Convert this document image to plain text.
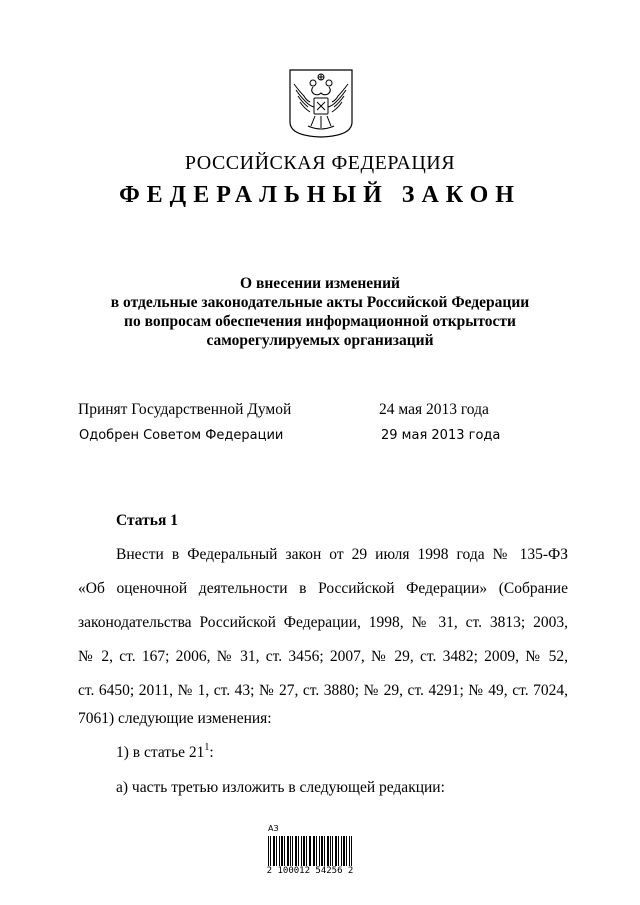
РОССИЙСКАЯ ФЕДЕРАЦИЯ
ФЕДЕРАЛЬНЫЙ ЗАКОН
О внесении изменений
в отдельные законодательные акты Российской Федерации
по вопросам обеспечения информационной открытости
саморегулируемых организаций
Принят Государственной Думой	24 мая 2013 года
Одобрен Советом Федерации	29 мая 2013 года
Статья 1
Внести в Федеральный закон от 29 июля 1998 года № 135-ФЗ
«Об оценочной деятельности в Российской Федерации» (Собрание
законодательства Российской Федерации, 1998, № 31, ст. 3813; 2003,
№ 2, ст. 167; 2006, № 31, ст. 3456; 2007, № 29, ст. 3482; 2009, № 52,
ст. 6450; 2011, № 1, ст. 43; № 27, ст. 3880; № 29, ст. 4291; № 49, ст. 7024,
7061) следующие изменения:
1) в статье $21^1$:
а) часть третью изложить в следующей редакции:
АЗ
2 100012 54256 2
